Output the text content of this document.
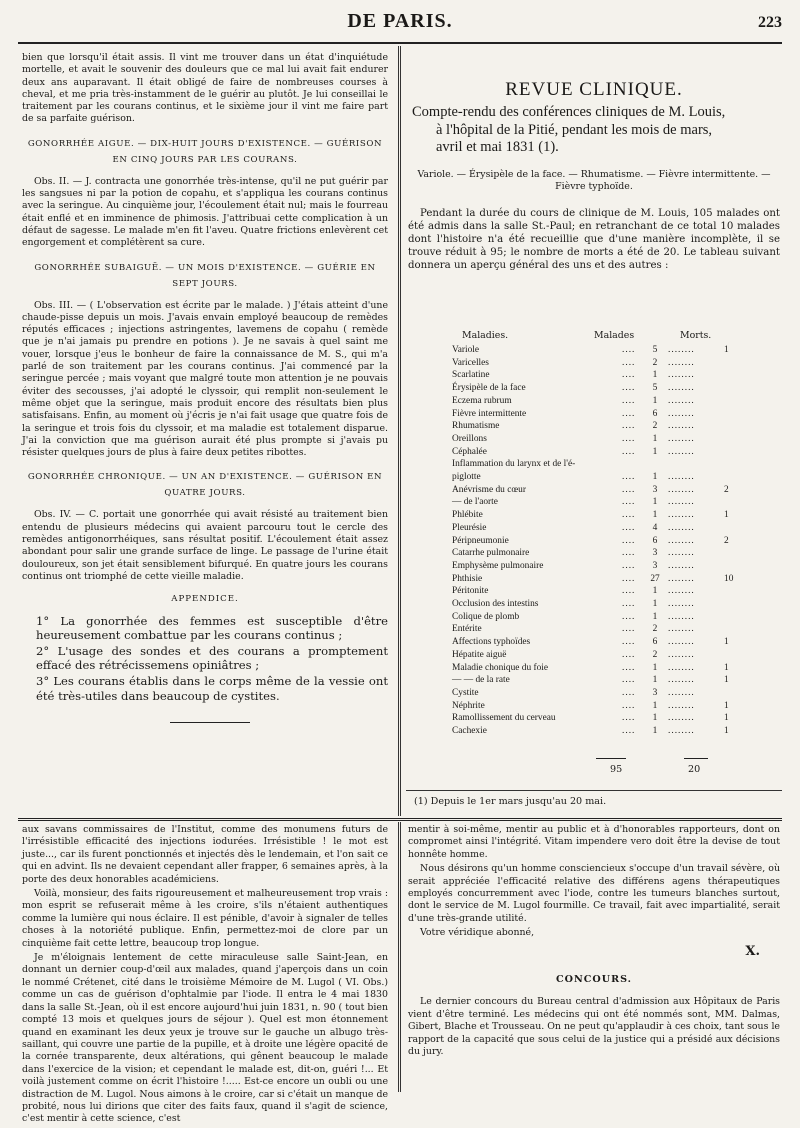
DE PARIS.	223

bien que lorsqu'il était assis. Il vint me trouver dans un état d'inquiétude mortelle, et avait le souvenir des douleurs que ce mal lui avait fait endurer deux ans auparavant. Il était obligé de faire de nombreuses courses à cheval, et me pria très-instamment de le guérir au plutôt. Je lui conseillai le traitement par les courans continus, et le sixième jour il vint me faire part de sa parfaite guérison.

GONORRHÉE AIGUE. — DIX-HUIT JOURS D'EXISTENCE. — GUÉRISON EN CINQ JOURS PAR LES COURANS.

Obs. II. — J. contracta une gonorrhée très-intense, qu'il ne put guérir par les sangsues ni par la potion de copahu, et s'appliqua les courans continus avec la seringue. Au cinquième jour, l'écoulement était nul; mais le fourreau était enflé et en imminence de phimosis. J'attribuai cette complication à un défaut de sagesse. Le malade m'en fit l'aveu. Quatre frictions enlevèrent cet engorgement et complétèrent sa cure.

GONORRHÉE SUBAIGUË. — UN MOIS D'EXISTENCE. — GUÉRIE EN SEPT JOURS.

Obs. III. — ( L'observation est écrite par le malade. ) J'étais atteint d'une chaude-pisse depuis un mois. J'avais envain employé beaucoup de remèdes réputés efficaces ; injections astringentes, lavemens de copahu ( remède que je n'ai jamais pu prendre en potions ). Je ne savais à quel saint me vouer, lorsque j'eus le bonheur de faire la connaissance de M. S., qui m'a parlé de son traitement par les courans continus. J'ai commencé par la seringue percée ; mais voyant que malgré toute mon attention je ne pouvais éviter des secousses, j'ai adopté le clyssoir, qui remplit non-seulement le même objet que la seringue, mais produit encore des résultats bien plus satisfaisans. Enfin, au moment où j'écris je n'ai fait usage que quatre fois de la seringue et trois fois du clyssoir, et ma maladie est totalement disparue. J'ai la conviction que ma guérison aurait été plus prompte si j'avais pu résister quelques jours de plus à faire deux petites ribottes.

GONORRHÉE CHRONIQUE. — UN AN D'EXISTENCE. — GUÉRISON EN QUATRE JOURS.

Obs. IV. — C. portait une gonorrhée qui avait résisté au traitement bien entendu de plusieurs médecins qui avaient parcouru tout le cercle des remèdes antigonorrhéiques, sans résultat positif. L'écoulement était assez abondant pour salir une grande surface de linge. Le passage de l'urine était douloureux, son jet était sensiblement bifurqué. En quatre jours les courans continus ont triomphé de cette vieille maladie.

APPENDICE.

1° La gonorrhée des femmes est susceptible d'être heureusement combattue par les courans continus ;

2° L'usage des sondes et des courans a promptement effacé des rétrécissemens opiniâtres ;

3° Les courans établis dans le corps même de la vessie ont été très-utiles dans beaucoup de cystites.

REVUE CLINIQUE.
Compte-rendu des conférences cliniques de M. Louis,
à l'hôpital de la Pitié, pendant les mois de mars,
avril et mai 1831 (1).
Variole. — Érysipèle de la face. — Rhumatisme. — Fièvre intermittente. —
Fièvre typhoïde.

Pendant la durée du cours de clinique de M. Louis, 105 malades ont été admis dans la salle St.-Paul; en retranchant de ce total 10 malades dont l'histoire n'a été recueillie que d'une manière incomplète, il se trouve réduit à 95; le nombre de morts a été de 20. Le tableau suivant donnera un aperçu général des uns et des autres :

Maladies.	Malades	Morts.
Variole	....	5	........	1
Varicelles	....	2	........	
Scarlatine	....	1	........	
Érysipèle de la face	....	5	........	
Eczema rubrum	....	1	........	
Fièvre intermittente	....	6	........	
Rhumatisme	....	2	........	
Oreillons	....	1	........	
Céphalée	....	1	........	
Inflammation du larynx et de l'é-				
piglotte	....	1	........	
Anévrisme du cœur	....	3	........	2
— de l'aorte	....	1	........	
Phlébite	....	1	........	1
Pleurésie	....	4	........	
Péripneumonie	....	6	........	2
Catarrhe pulmonaire	....	3	........	
Emphysème pulmonaire	....	3	........	
Phthisie	....	27	........	10
Péritonite	....	1	........	
Occlusion des intestins	....	1	........	
Colique de plomb	....	1	........	
Entérite	....	2	........	
Affections typhoïdes	....	6	........	1
Hépatite aiguë	....	2	........	
Maladie chonique du foie	....	1	........	1
— — de la rate	....	1	........	1
Cystite	....	3	........	
Néphrite	....	1	........	1
Ramollissement du cerveau	....	1	........	1
Cachexie	....	1	........	1
95	20
(1) Depuis le 1er mars jusqu'au 20 mai.

aux savans commissaires de l'Institut, comme des monumens futurs de l'irrésistible efficacité des injections iodurées. Irrésistible ! le mot est juste..., car ils furent ponctionnés et injectés dès le lendemain, et l'on sait ce qui en advint. Ils ne devaient cependant aller frapper, 6 semaines après, à la porte des deux honorables académiciens.

Voilà, monsieur, des faits rigoureusement et malheureusement trop vrais : mon esprit se refuserait même à les croire, s'ils n'étaient authentiques comme la lumière qui nous éclaire. Il est pénible, d'avoir à signaler de telles choses à la notoriété publique. Enfin, permettez-moi de clore par un cinquième fait cette lettre, beaucoup trop longue.

Je m'éloignais lentement de cette miraculeuse salle Saint-Jean, en donnant un dernier coup-d'œil aux malades, quand j'aperçois dans un coin le nommé Crétenet, cité dans le troisième Mémoire de M. Lugol ( VI. Obs.) comme un cas de guérison d'ophtalmie par l'iode. Il entra le 4 mai 1830 dans la salle St.-Jean, où il est encore aujourd'hui juin 1831, n. 90 ( tout bien compté 13 mois et quelques jours de séjour ). Quel est mon étonnement quand en examinant les deux yeux je trouve sur le gauche un albugo très-saillant, qui couvre une partie de la pupille, et à droite une légère opacité de la cornée transparente, deux altérations, qui gênent beaucoup le malade dans l'exercice de la vision; et cependant le malade est, dit-on, guéri !... Et voilà justement comme on écrit l'histoire !..... Est-ce encore un oubli ou une distraction de M. Lugol. Nous aimons à le croire, car si c'était un manque de probité, nous lui dirions que citer des faits faux, quand il s'agit de science, c'est mentir à cette science, c'est

mentir à soi-même, mentir au public et à d'honorables rapporteurs, dont on compromet ainsi l'intégrité. Vitam impendere vero doit être la devise de tout honnête homme.

Nous désirons qu'un homme consciencieux s'occupe d'un travail sévère, où serait appréciée l'efficacité relative des différens agens thérapeutiques employés concurremment avec l'iode, contre les tumeurs blanches surtout, dont le service de M. Lugol fourmille. Ce travail, fait avec impartialité, serait d'une très-grande utilité.

Votre véridique abonné,

X.
CONCOURS.

Le dernier concours du Bureau central d'admission aux Hôpitaux de Paris vient d'être terminé. Les médecins qui ont été nommés sont, MM. Dalmas, Gibert, Blache et Trousseau. On ne peut qu'applaudir à ces choix, tant sous le rapport de la capacité que sous celui de la justice qui a présidé aux décisions du jury.
